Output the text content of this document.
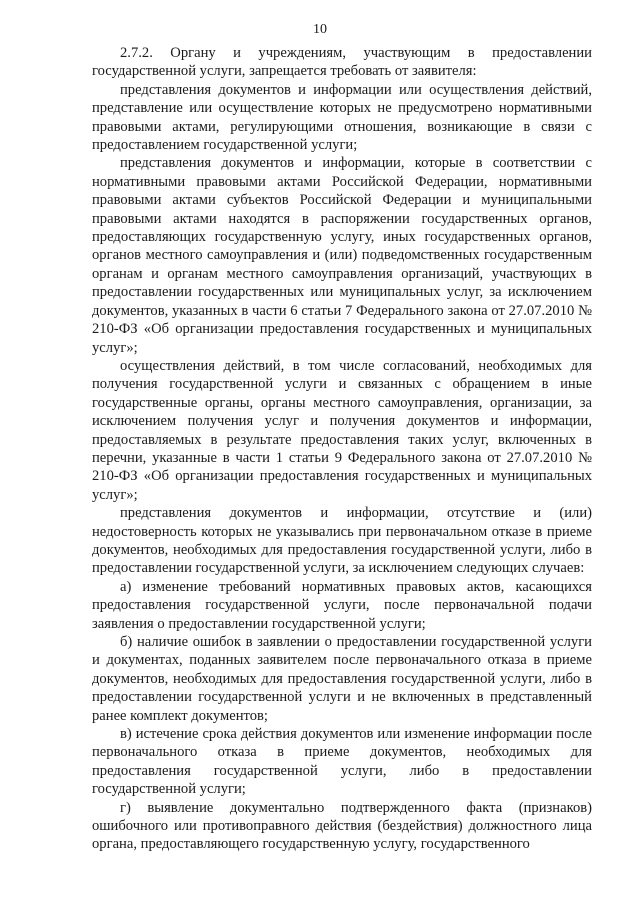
10

2.7.2. Органу и учреждениям, участвующим в предоставлении государственной услуги, запрещается требовать от заявителя:

представления документов и информации или осуществления действий, представление или осуществление которых не предусмотрено нормативными правовыми актами, регулирующими отношения, возникающие в связи с предоставлением государственной услуги;

представления документов и информации, которые в соответствии с нормативными правовыми актами Российской Федерации, нормативными правовыми актами субъектов Российской Федерации и муниципальными правовыми актами находятся в распоряжении государственных органов, предоставляющих государственную услугу, иных государственных органов, органов местного самоуправления и (или) подведомственных государственным органам и органам местного самоуправления организаций, участвующих в предоставлении государственных или муниципальных услуг, за исключением документов, указанных в части 6 статьи 7 Федерального закона от 27.07.2010 № 210-ФЗ «Об организации предоставления государственных и муниципальных услуг»;

осуществления действий, в том числе согласований, необходимых для получения государственной услуги и связанных с обращением в иные государственные органы, органы местного самоуправления, организации, за исключением получения услуг и получения документов и информации, предоставляемых в результате предоставления таких услуг, включенных в перечни, указанные в части 1 статьи 9 Федерального закона от 27.07.2010 № 210-ФЗ «Об организации предоставления государственных и муниципальных услуг»;

представления документов и информации, отсутствие и (или) недостоверность которых не указывались при первоначальном отказе в приеме документов, необходимых для предоставления государственной услуги, либо в предоставлении государственной услуги, за исключением следующих случаев:

а) изменение требований нормативных правовых актов, касающихся предоставления государственной услуги, после первоначальной подачи заявления о предоставлении государственной услуги;

б) наличие ошибок в заявлении о предоставлении государственной услуги и документах, поданных заявителем после первоначального отказа в приеме документов, необходимых для предоставления государственной услуги, либо в предоставлении государственной услуги и не включенных в представленный ранее комплект документов;

в) истечение срока действия документов или изменение информации после первоначального отказа в приеме документов, необходимых для предоставления государственной услуги, либо в предоставлении государственной услуги;

г) выявление документально подтвержденного факта (признаков) ошибочного или противоправного действия (бездействия) должностного лица органа, предоставляющего государственную услугу, государственного
